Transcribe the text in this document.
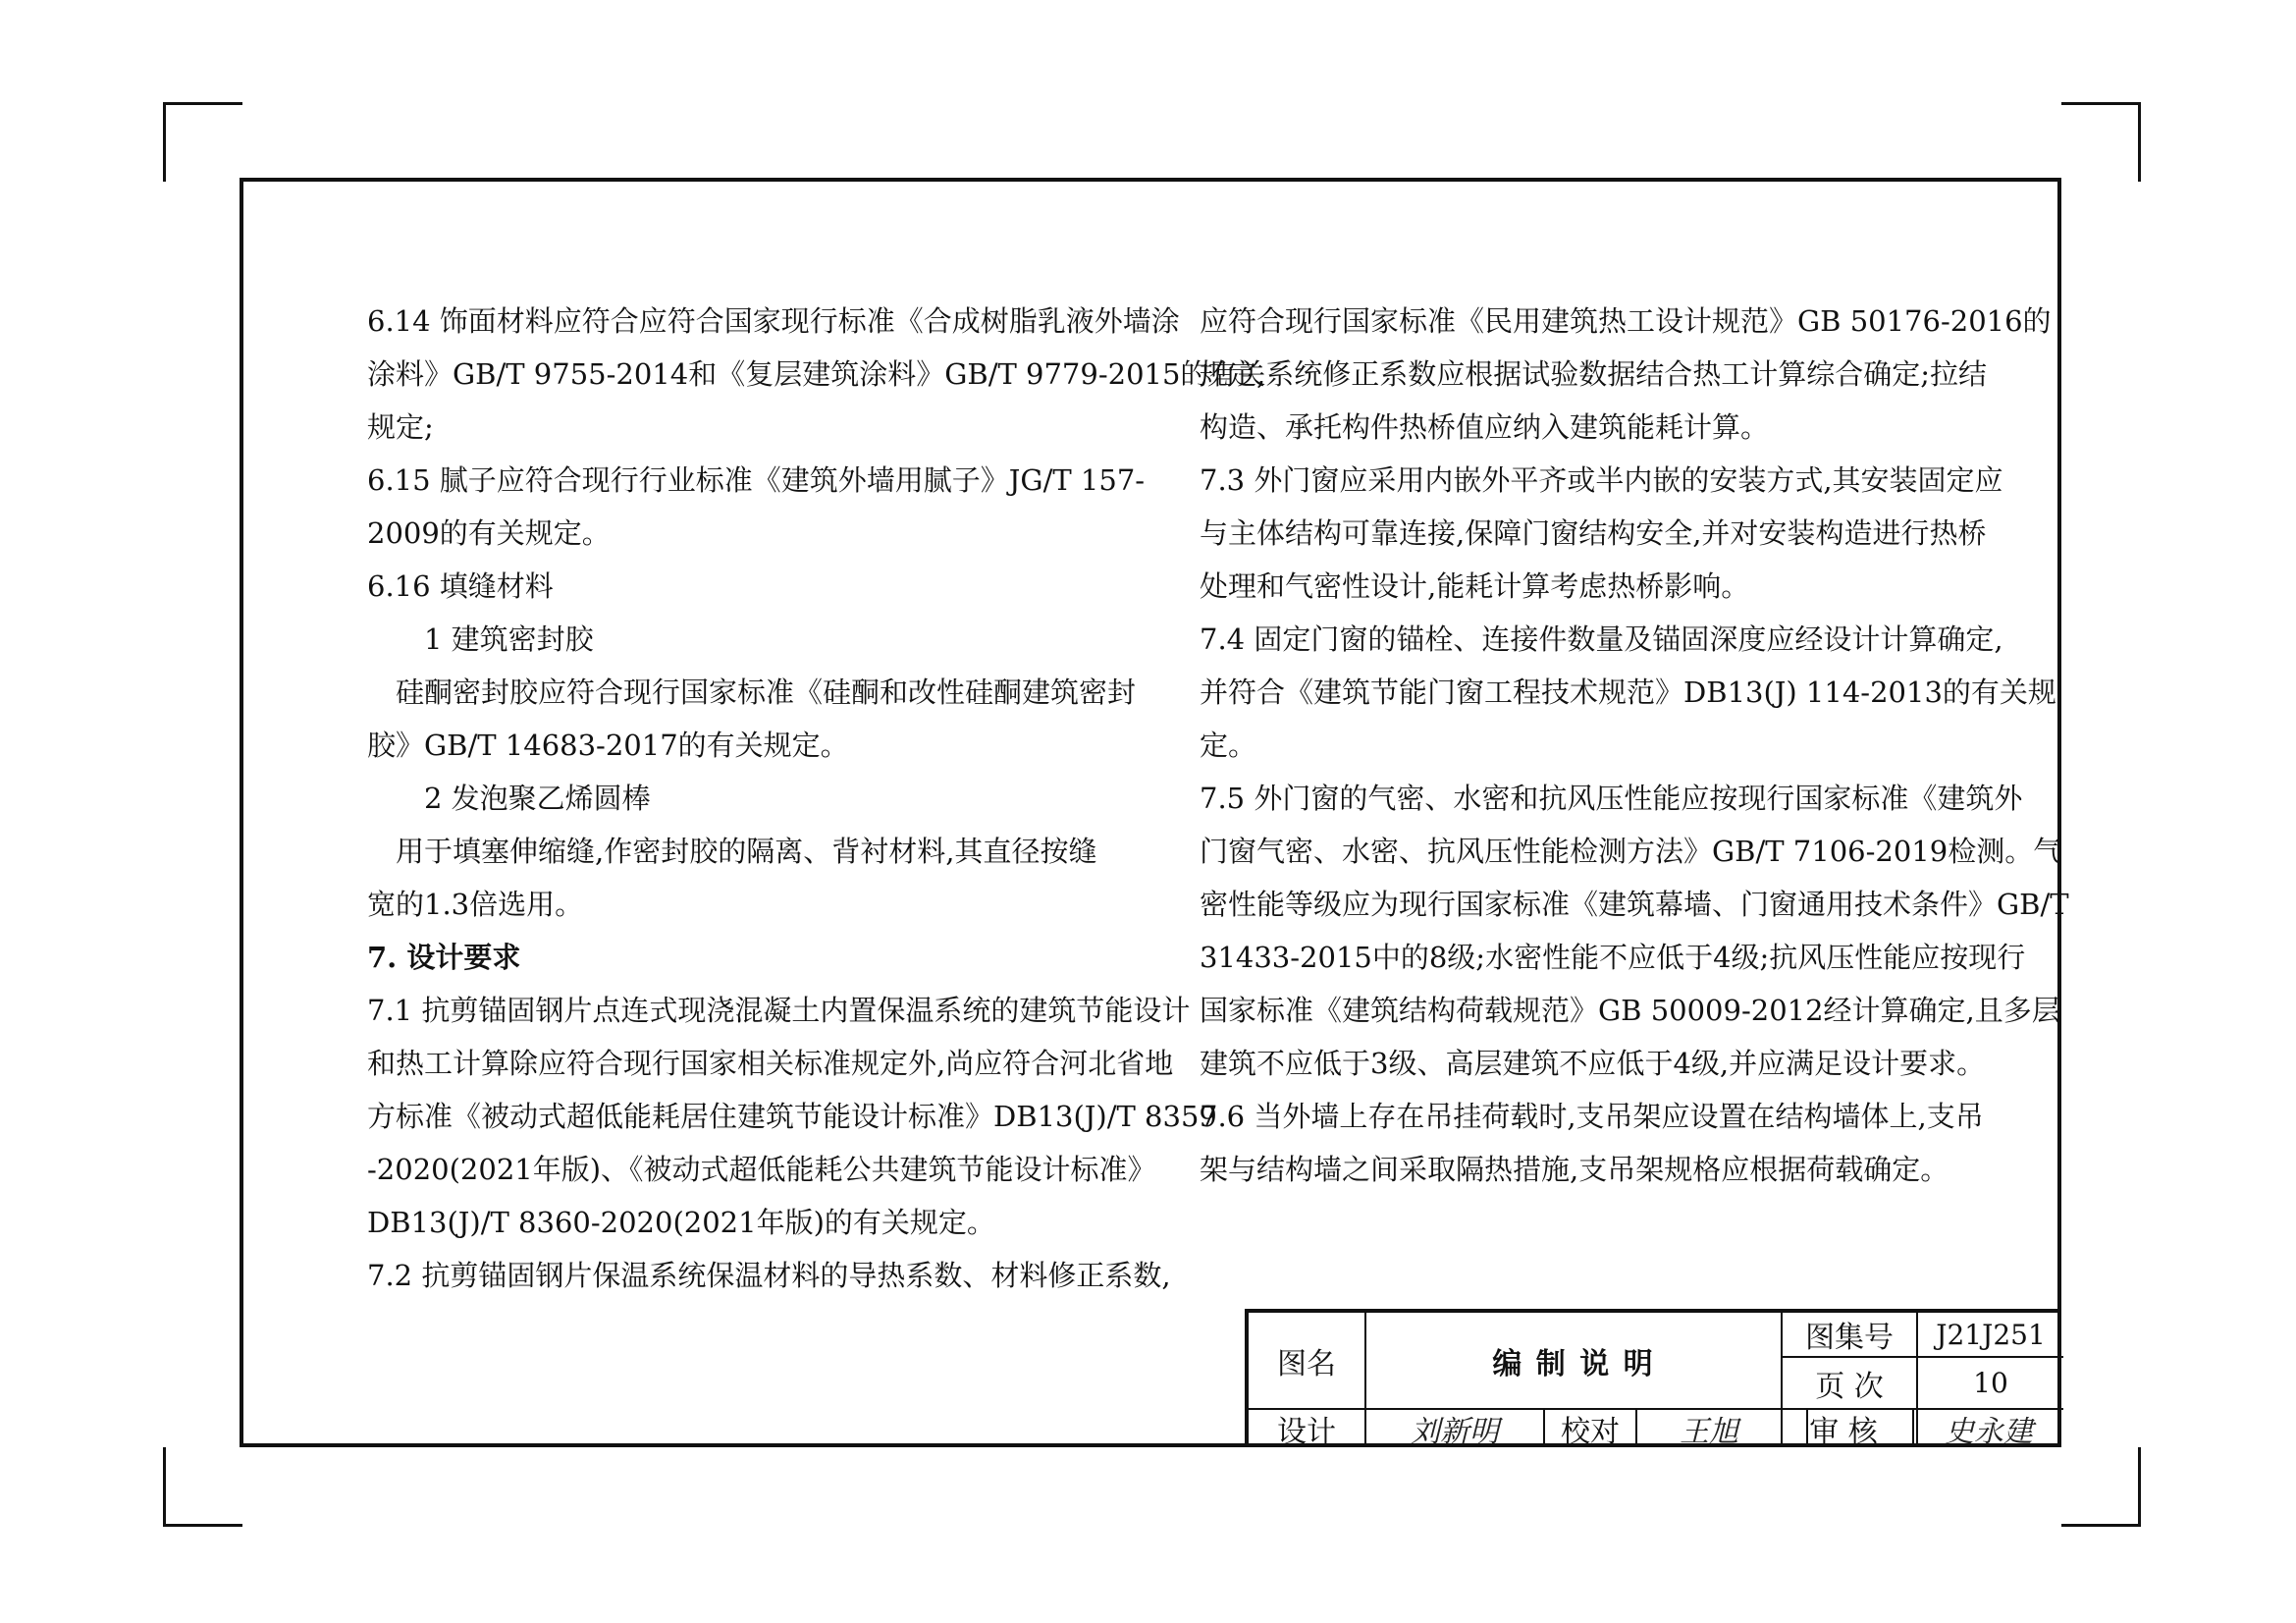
6.14 饰面材料应符合应符合国家现行标准《合成树脂乳液外墙涂

涂料》GB/T 9755-2014和《复层建筑涂料》GB/T 9779-2015的有关

规定;

6.15 腻子应符合现行行业标准《建筑外墙用腻子》JG/T 157-

2009的有关规定。

6.16 填缝材料

1 建筑密封胶

硅酮密封胶应符合现行国家标准《硅酮和改性硅酮建筑密封

胶》GB/T 14683-2017的有关规定。

2 发泡聚乙烯圆棒

用于填塞伸缩缝,作密封胶的隔离、背衬材料,其直径按缝

宽的1.3倍选用。

7. 设计要求

7.1 抗剪锚固钢片点连式现浇混凝土内置保温系统的建筑节能设计

和热工计算除应符合现行国家相关标准规定外,尚应符合河北省地

方标准《被动式超低能耗居住建筑节能设计标准》DB13(J)/T 8359

-2020(2021年版)、《被动式超低能耗公共建筑节能设计标准》

DB13(J)/T 8360-2020(2021年版)的有关规定。

7.2 抗剪锚固钢片保温系统保温材料的导热系数、材料修正系数,

应符合现行国家标准《民用建筑热工设计规范》GB 50176-2016的

规定,系统修正系数应根据试验数据结合热工计算综合确定;拉结

构造、承托构件热桥值应纳入建筑能耗计算。

7.3 外门窗应采用内嵌外平齐或半内嵌的安装方式,其安装固定应

与主体结构可靠连接,保障门窗结构安全,并对安装构造进行热桥

处理和气密性设计,能耗计算考虑热桥影响。

7.4 固定门窗的锚栓、连接件数量及锚固深度应经设计计算确定,

并符合《建筑节能门窗工程技术规范》DB13(J) 114-2013的有关规

定。

7.5 外门窗的气密、水密和抗风压性能应按现行国家标准《建筑外

门窗气密、水密、抗风压性能检测方法》GB/T 7106-2019检测。气

密性能等级应为现行国家标准《建筑幕墙、门窗通用技术条件》GB/T

31433-2015中的8级;水密性能不应低于4级;抗风压性能应按现行

国家标准《建筑结构荷载规范》GB 50009-2012经计算确定,且多层

建筑不应低于3级、高层建筑不应低于4级,并应满足设计要求。

7.6 当外墙上存在吊挂荷载时,支吊架应设置在结构墙体上,支吊

架与结构墙之间采取隔热措施,支吊架规格应根据荷载确定。

图名	编 制 说 明
图集号	J21J251
页 次	10
设计	刘新明	校对	王旭	审 核	史永建
